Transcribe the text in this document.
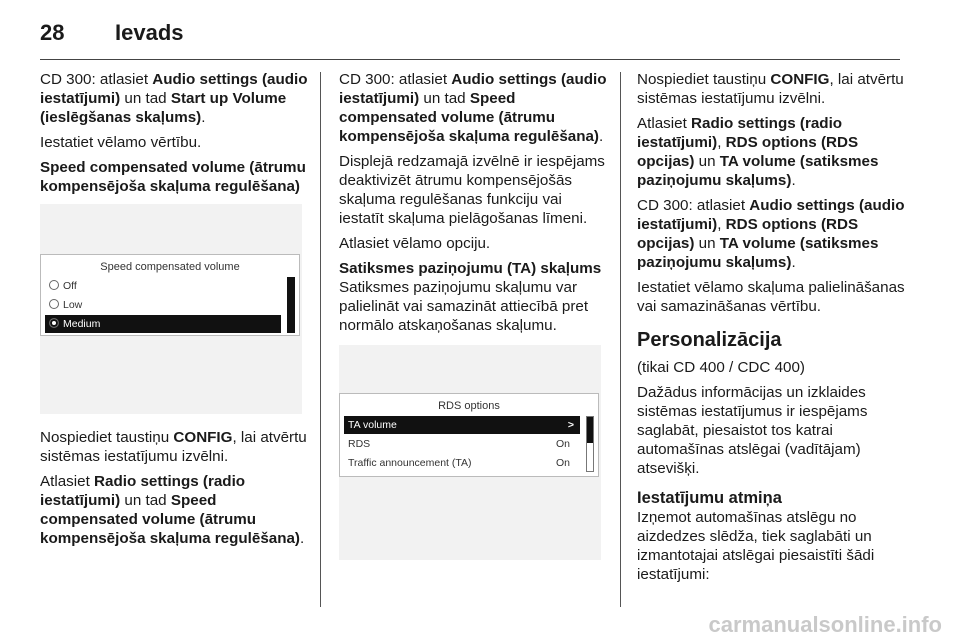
28 Ievads

CD 300: atlasiet Audio settings (audio iestatījumi) un tad Start up Volume (ieslēgšanas skaļums).

Iestatiet vēlamo vērtību.

Speed compensated volume (ātrumu kompensējoša skaļuma regulēšana)

Speed compensated volume
Off
Low
Medium

Nospiediet taustiņu CONFIG, lai atvērtu sistēmas iestatījumu izvēlni.

Atlasiet Radio settings (radio iestatījumi) un tad Speed compensated volume (ātrumu kompensējoša skaļuma regulēšana).

CD 300: atlasiet Audio settings (audio iestatījumi) un tad Speed compensated volume (ātrumu kompensējoša skaļuma regulēšana).

Displejā redzamajā izvēlnē ir iespējams deaktivizēt ātrumu kompensējošās skaļuma regulēšanas funkciju vai iestatīt skaļuma pielāgošanas līmeni.

Atlasiet vēlamo opciju.

Satiksmes paziņojumu (TA) skaļums

Satiksmes paziņojumu skaļumu var palielināt vai samazināt attiecībā pret normālo atskaņošanas skaļumu.

RDS options
TA volume	>
RDS	On
Traffic announcement (TA)	On

Nospiediet taustiņu CONFIG, lai atvērtu sistēmas iestatījumu izvēlni.

Atlasiet Radio settings (radio iestatījumi), RDS options (RDS opcijas) un TA volume (satiksmes paziņojumu skaļums).

CD 300: atlasiet Audio settings (audio iestatījumi), RDS options (RDS opcijas) un TA volume (satiksmes paziņojumu skaļums).

Iestatiet vēlamo skaļuma palielināšanas vai samazināšanas vērtību.

Personalizācija

(tikai CD 400 / CDC 400)

Dažādus informācijas un izklaides sistēmas iestatījumus ir iespējams saglabāt, piesaistot tos katrai automašīnas atslēgai (vadītājam) atsevišķi.

Iestatījumu atmiņa

Izņemot automašīnas atslēgu no aizdedzes slēdža, tiek saglabāti un izmantotajai atslēgai piesaistīti šādi iestatījumi:

carmanualsonline.info
